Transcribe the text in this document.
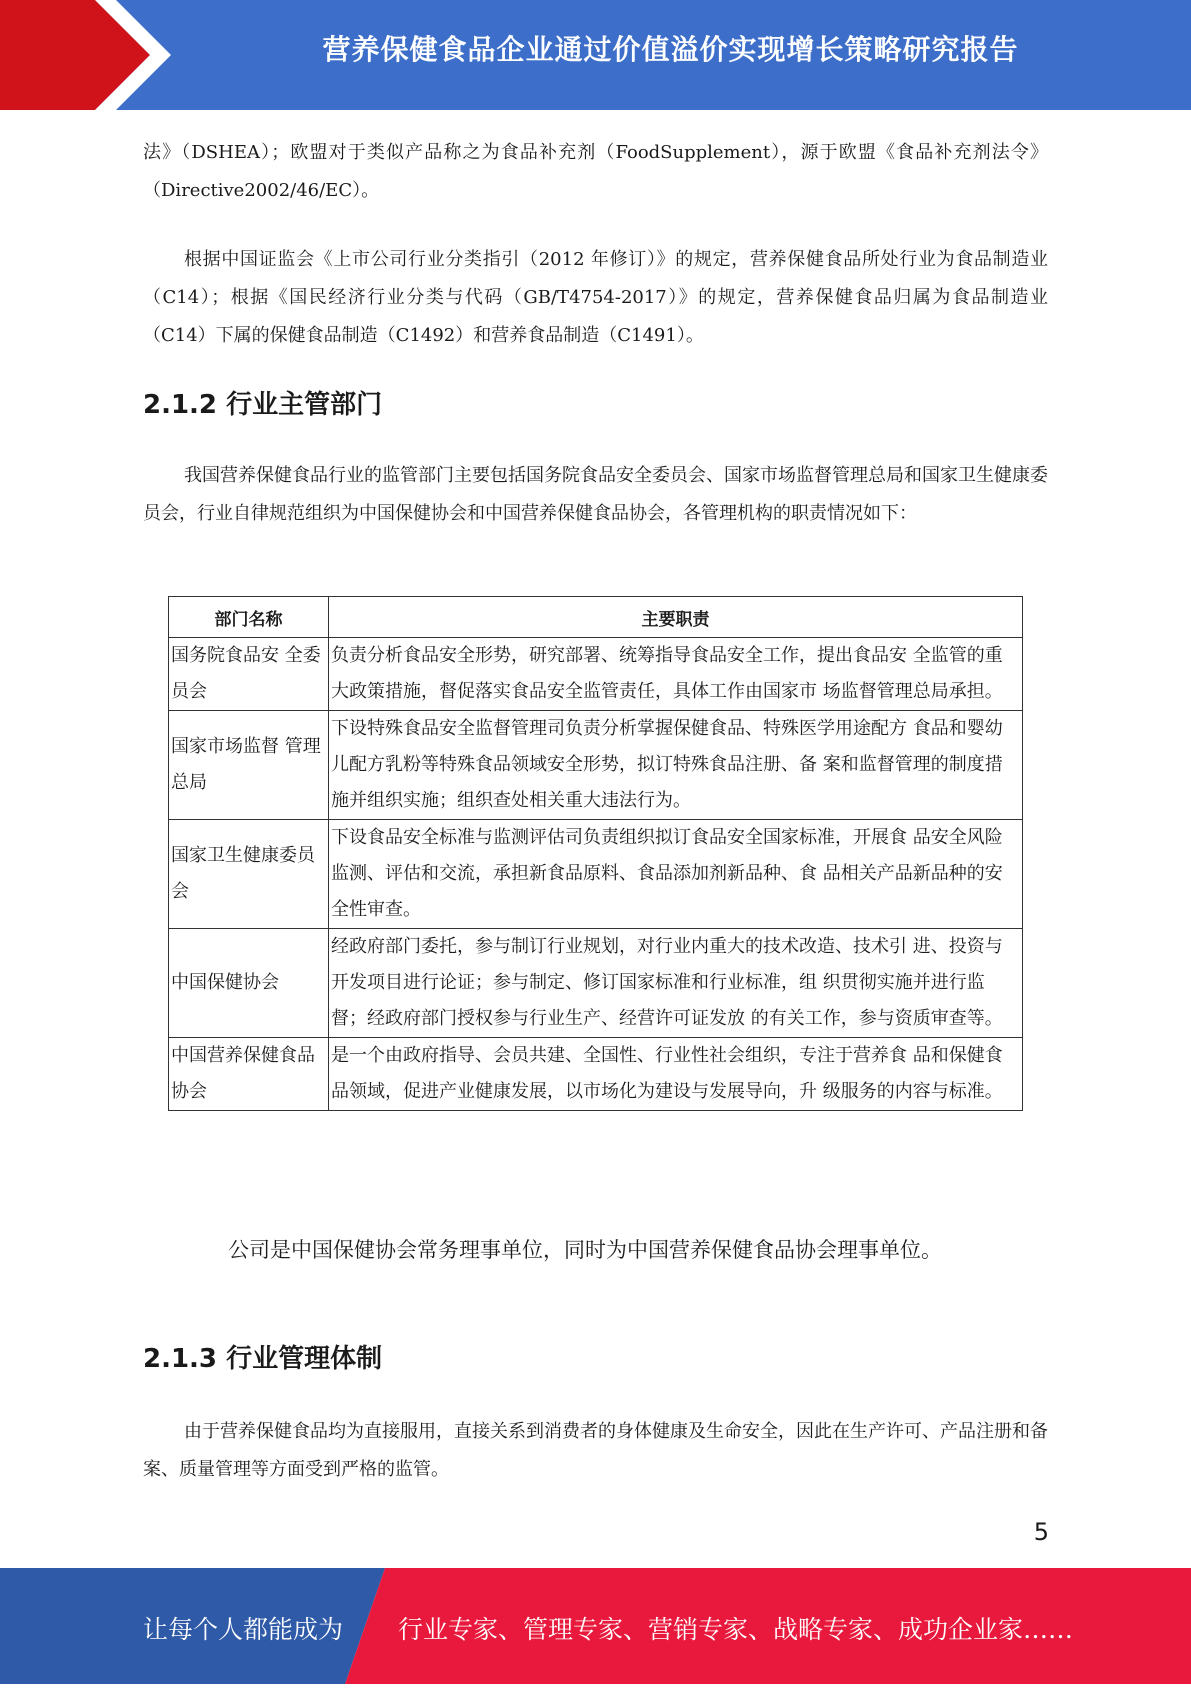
营养保健食品企业通过价值溢价实现增长策略研究报告

法》（DSHEA）；欧盟对于类似产品称之为食品补充剂（FoodSupplement），源于欧盟《食品补充剂法令》（Directive2002/46/EC）。

根据中国证监会《上市公司行业分类指引（2012 年修订）》的规定，营养保健食品所处行业为食品制造业（C14）；根据《国民经济行业分类与代码（GB/T4754-2017）》的规定，营养保健食品归属为食品制造业（C14）下属的保健食品制造（C1492）和营养食品制造（C1491）。

2.1.2 行业主管部门

我国营养保健食品行业的监管部门主要包括国务院食品安全委员会、国家市场监督管理总局和国家卫生健康委员会，行业自律规范组织为中国保健协会和中国营养保健食品协会，各管理机构的职责情况如下：

部门名称	主要职责
国务院食品安 全委员会	负责分析食品安全形势，研究部署、统筹指导食品安全工作，提出食品安 全监管的重大政策措施，督促落实食品安全监管责任，具体工作由国家市 场监督管理总局承担。
国家市场监督 管理总局	下设特殊食品安全监督管理司负责分析掌握保健食品、特殊医学用途配方 食品和婴幼儿配方乳粉等特殊食品领域安全形势，拟订特殊食品注册、备 案和监督管理的制度措施并组织实施；组织查处相关重大违法行为。
国家卫生健康委员会	下设食品安全标准与监测评估司负责组织拟订食品安全国家标准，开展食 品安全风险监测、评估和交流，承担新食品原料、食品添加剂新品种、食 品相关产品新品种的安全性审查。
中国保健协会	经政府部门委托，参与制订行业规划，对行业内重大的技术改造、技术引 进、投资与开发项目进行论证；参与制定、修订国家标准和行业标准，组 织贯彻实施并进行监督；经政府部门授权参与行业生产、经营许可证发放 的有关工作，参与资质审查等。
中国营养保健食品协会	是一个由政府指导、会员共建、全国性、行业性社会组织，专注于营养食 品和保健食品领域，促进产业健康发展，以市场化为建设与发展导向，升 级服务的内容与标准。

公司是中国保健协会常务理事单位，同时为中国营养保健食品协会理事单位。

2.1.3 行业管理体制

由于营养保健食品均为直接服用，直接关系到消费者的身体健康及生命安全，因此在生产许可、产品注册和备案、质量管理等方面受到严格的监管。

5
让每个人都能成为 行业专家、管理专家、营销专家、战略专家、成功企业家……
